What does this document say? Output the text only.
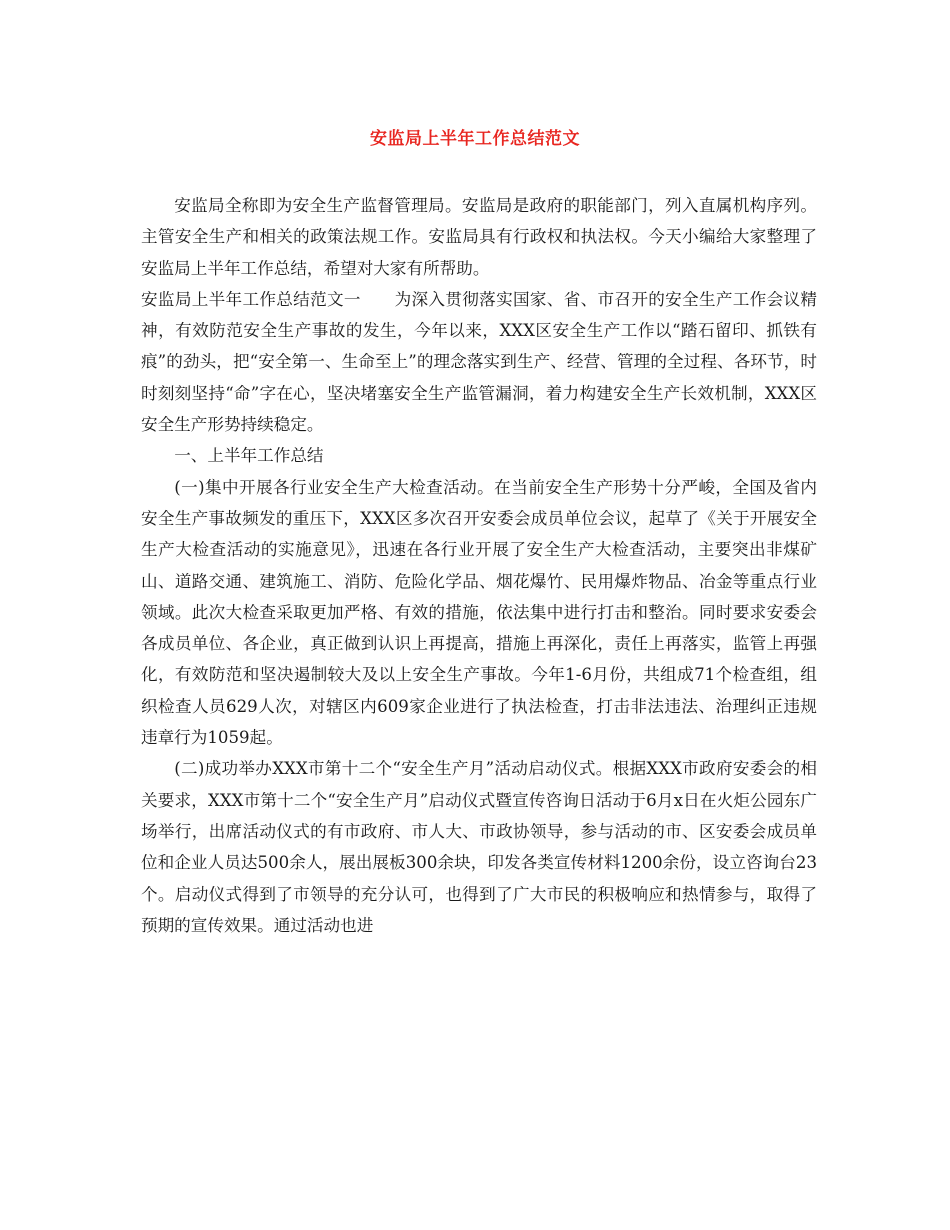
安监局上半年工作总结范文

安监局全称即为安全生产监督管理局。安监局是政府的职能部门，列入直属机构序列。主管安全生产和相关的政策法规工作。安监局具有行政权和执法权。今天小编给大家整理了安监局上半年工作总结，希望对大家有所帮助。

安监局上半年工作总结范文一　　为深入贯彻落实国家、省、市召开的安全生产工作会议精神，有效防范安全生产事故的发生，今年以来，XXX区安全生产工作以“踏石留印、抓铁有痕”的劲头，把“安全第一、生命至上”的理念落实到生产、经营、管理的全过程、各环节，时时刻刻坚持“命”字在心，坚决堵塞安全生产监管漏洞，着力构建安全生产长效机制，XXX区安全生产形势持续稳定。

一、上半年工作总结

(一)集中开展各行业安全生产大检查活动。在当前安全生产形势十分严峻，全国及省内安全生产事故频发的重压下，XXX区多次召开安委会成员单位会议，起草了《关于开展安全生产大检查活动的实施意见》，迅速在各行业开展了安全生产大检查活动，主要突出非煤矿山、道路交通、建筑施工、消防、危险化学品、烟花爆竹、民用爆炸物品、冶金等重点行业领域。此次大检查采取更加严格、有效的措施，依法集中进行打击和整治。同时要求安委会各成员单位、各企业，真正做到认识上再提高，措施上再深化，责任上再落实，监管上再强化，有效防范和坚决遏制较大及以上安全生产事故。今年1-6月份，共组成71个检查组，组织检查人员629人次，对辖区内609家企业进行了执法检查，打击非法违法、治理纠正违规违章行为1059起。

(二)成功举办XXX市第十二个“安全生产月”活动启动仪式。根据XXX市政府安委会的相关要求，XXX市第十二个“安全生产月”启动仪式暨宣传咨询日活动于6月x日在火炬公园东广场举行，出席活动仪式的有市政府、市人大、市政协领导，参与活动的市、区安委会成员单位和企业人员达500余人，展出展板300余块，印发各类宣传材料1200余份，设立咨询台23个。启动仪式得到了市领导的充分认可，也得到了广大市民的积极响应和热情参与，取得了预期的宣传效果。通过活动也进
